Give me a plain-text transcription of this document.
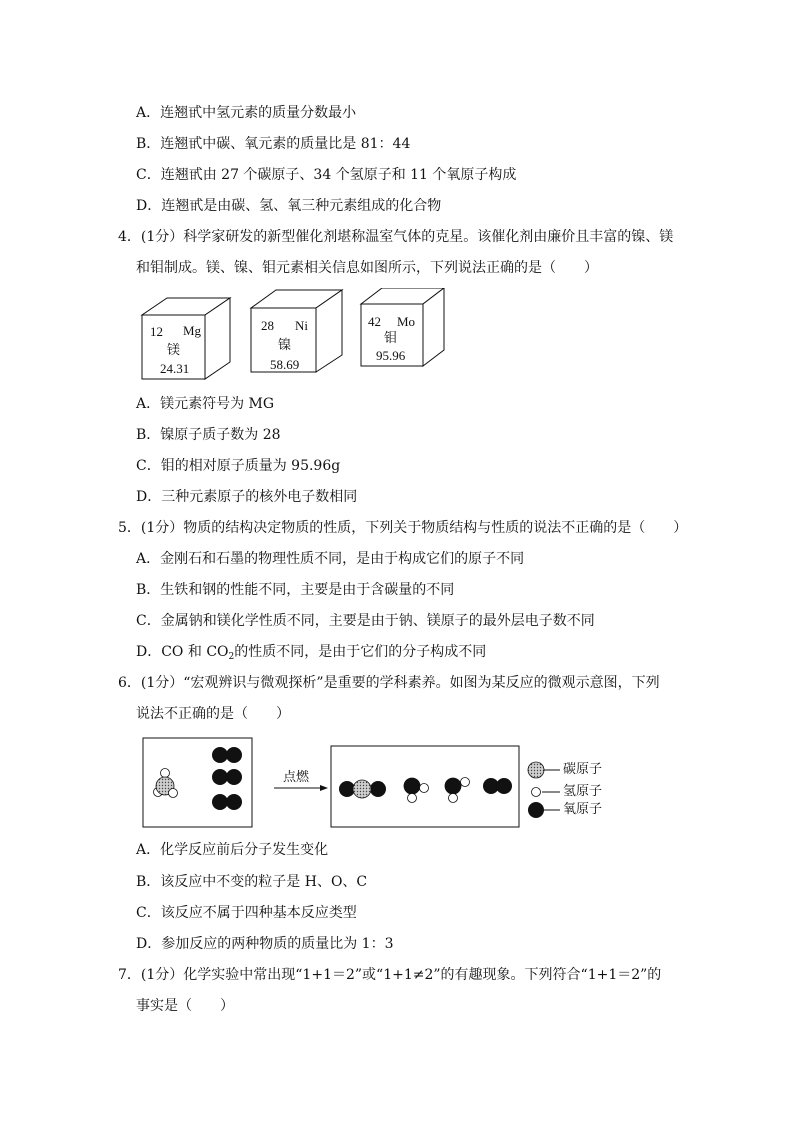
A．连翘甙中氢元素的质量分数最小
B．连翘甙中碳、氧元素的质量比是 81：44
C．连翘甙由 27 个碳原子、34 个氢原子和 11 个氧原子构成
D．连翘甙是由碳、氢、氧三种元素组成的化合物
4．(1分）科学家研发的新型催化剂堪称温室气体的克星。该催化剂由廉价且丰富的镍、镁
和钼制成。镁、镍、钼元素相关信息如图所示，下列说法正确的是（　　）
12 Mg
镁
24.31
28 Ni
镍
58.69
42 Mo
钼
95.96
A．镁元素符号为 MG
B．镍原子质子数为 28
C．钼的相对原子质量为 95.96g
D．三种元素原子的核外电子数相同
5．(1分）物质的结构决定物质的性质，下列关于物质结构与性质的说法不正确的是（　　）
A．金刚石和石墨的物理性质不同，是由于构成它们的原子不同
B．生铁和钢的性能不同，主要是由于含碳量的不同
C．金属钠和镁化学性质不同，主要是由于钠、镁原子的最外层电子数不同
D．CO 和 $CO_2$的性质不同，是由于它们的分子构成不同
6．(1分）“宏观辨识与微观探析”是重要的学科素养。如图为某反应的微观示意图，下列
说法不正确的是（　　）
点燃
碳原子
氢原子
氧原子
A．化学反应前后分子发生变化
B．该反应中不变的粒子是 H、O、C
C．该反应不属于四种基本反应类型
D．参加反应的两种物质的质量比为 1：3
7．(1分）化学实验中常出现“1+1＝2”或“1+1≠2”的有趣现象。下列符合“1+1＝2”的
事实是（　　）
